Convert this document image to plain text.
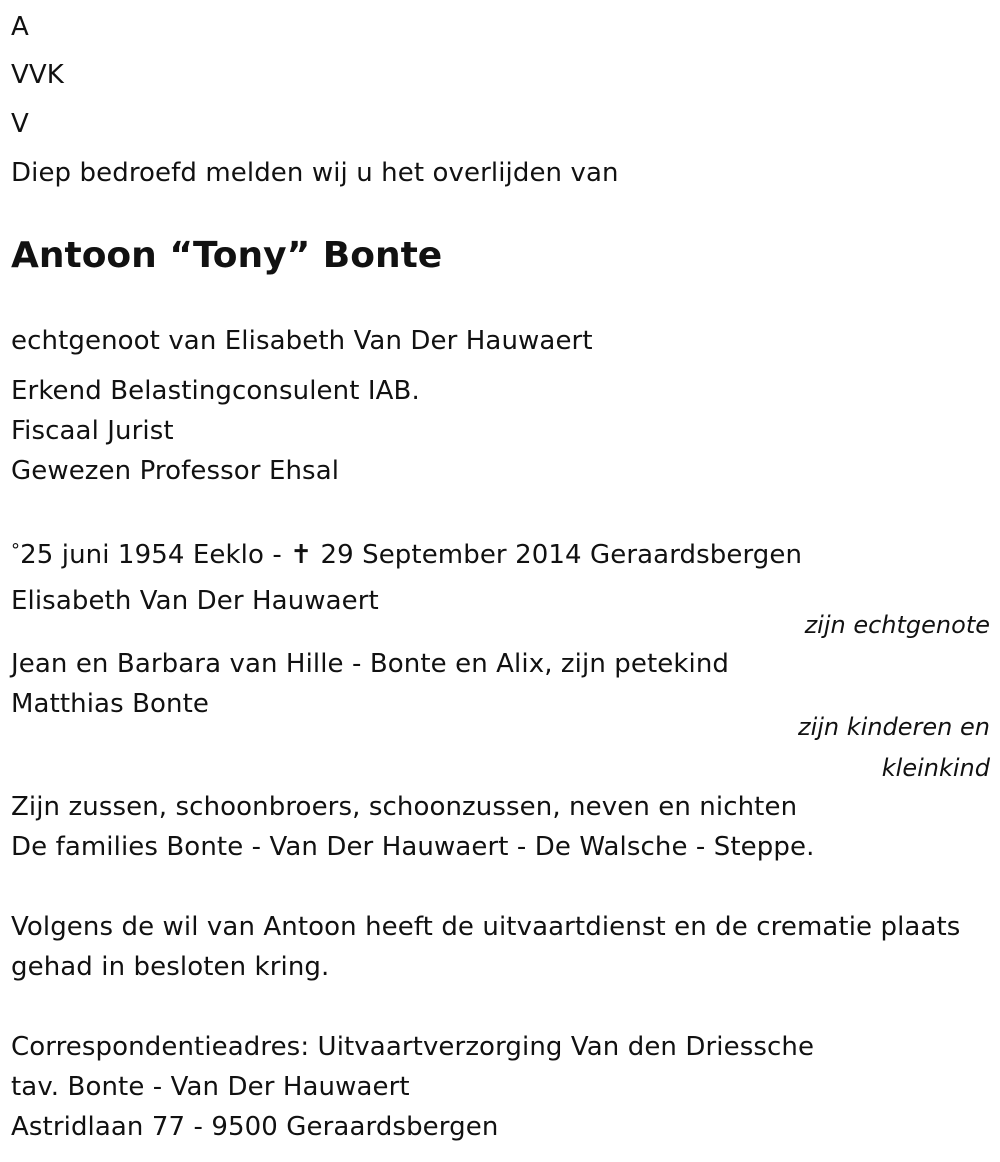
A
VVK
V
Diep bedroefd melden wij u het overlijden van
Antoon “Tony” Bonte
echtgenoot van Elisabeth Van Der Hauwaert
Erkend Belastingconsulent IAB.
Fiscaal Jurist
Gewezen Professor Ehsal
°25 juni 1954 Eeklo - ✝ 29 September 2014 Geraardsbergen
Elisabeth Van Der Hauwaert
zijn echtgenote
Jean en Barbara van Hille - Bonte en Alix, zijn petekind
Matthias Bonte
zijn kinderen en
kleinkind
Zijn zussen, schoonbroers, schoonzussen, neven en nichten
De families Bonte - Van Der Hauwaert - De Walsche - Steppe.
Volgens de wil van Antoon heeft de uitvaartdienst en de crematie plaats
gehad in besloten kring.
Correspondentieadres: Uitvaartverzorging Van den Driessche
tav. Bonte - Van Der Hauwaert
Astridlaan 77 - 9500 Geraardsbergen
